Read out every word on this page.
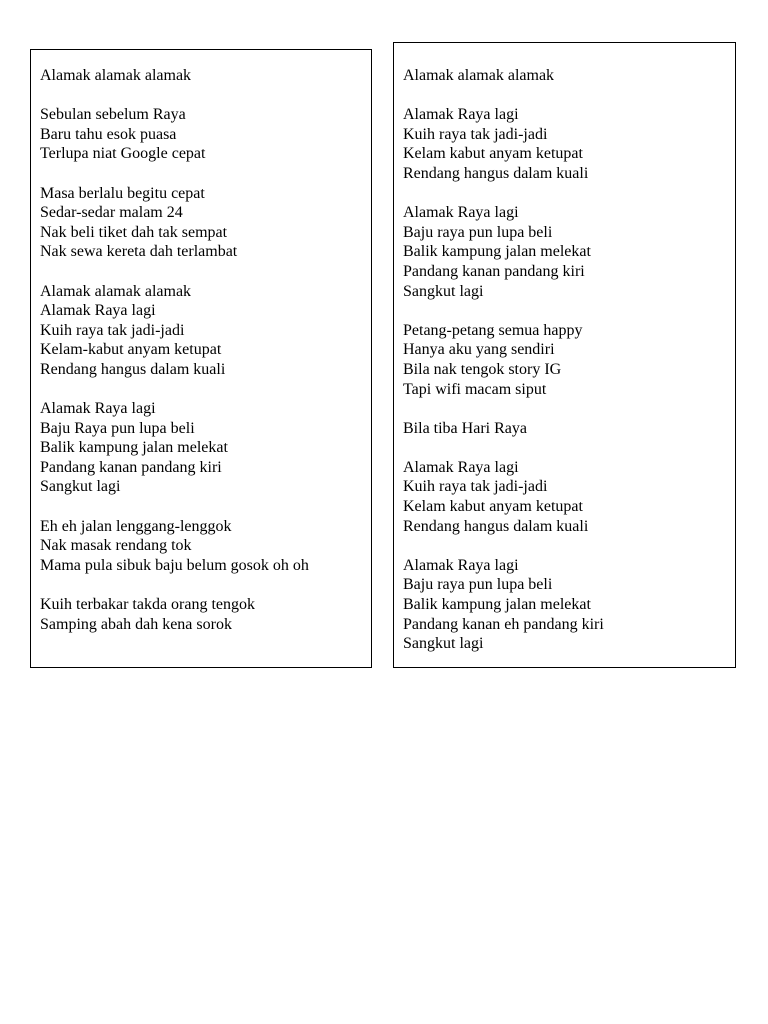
Alamak alamak alamak
Sebulan sebelum Raya
Baru tahu esok puasa
Terlupa niat Google cepat
Masa berlalu begitu cepat
Sedar-sedar malam 24
Nak beli tiket dah tak sempat
Nak sewa kereta dah terlambat
Alamak alamak alamak
Alamak Raya lagi
Kuih raya tak jadi-jadi
Kelam-kabut anyam ketupat
Rendang hangus dalam kuali
Alamak Raya lagi
Baju Raya pun lupa beli
Balik kampung jalan melekat
Pandang kanan pandang kiri
Sangkut lagi
Eh eh jalan lenggang-lenggok
Nak masak rendang tok
Mama pula sibuk baju belum gosok oh oh
Kuih terbakar takda orang tengok
Samping abah dah kena sorok
Alamak alamak alamak
Alamak Raya lagi
Kuih raya tak jadi-jadi
Kelam kabut anyam ketupat
Rendang hangus dalam kuali
Alamak Raya lagi
Baju raya pun lupa beli
Balik kampung jalan melekat
Pandang kanan pandang kiri
Sangkut lagi
Petang-petang semua happy
Hanya aku yang sendiri
Bila nak tengok story IG
Tapi wifi macam siput
Bila tiba Hari Raya
Alamak Raya lagi
Kuih raya tak jadi-jadi
Kelam kabut anyam ketupat
Rendang hangus dalam kuali
Alamak Raya lagi
Baju raya pun lupa beli
Balik kampung jalan melekat
Pandang kanan eh pandang kiri
Sangkut lagi
